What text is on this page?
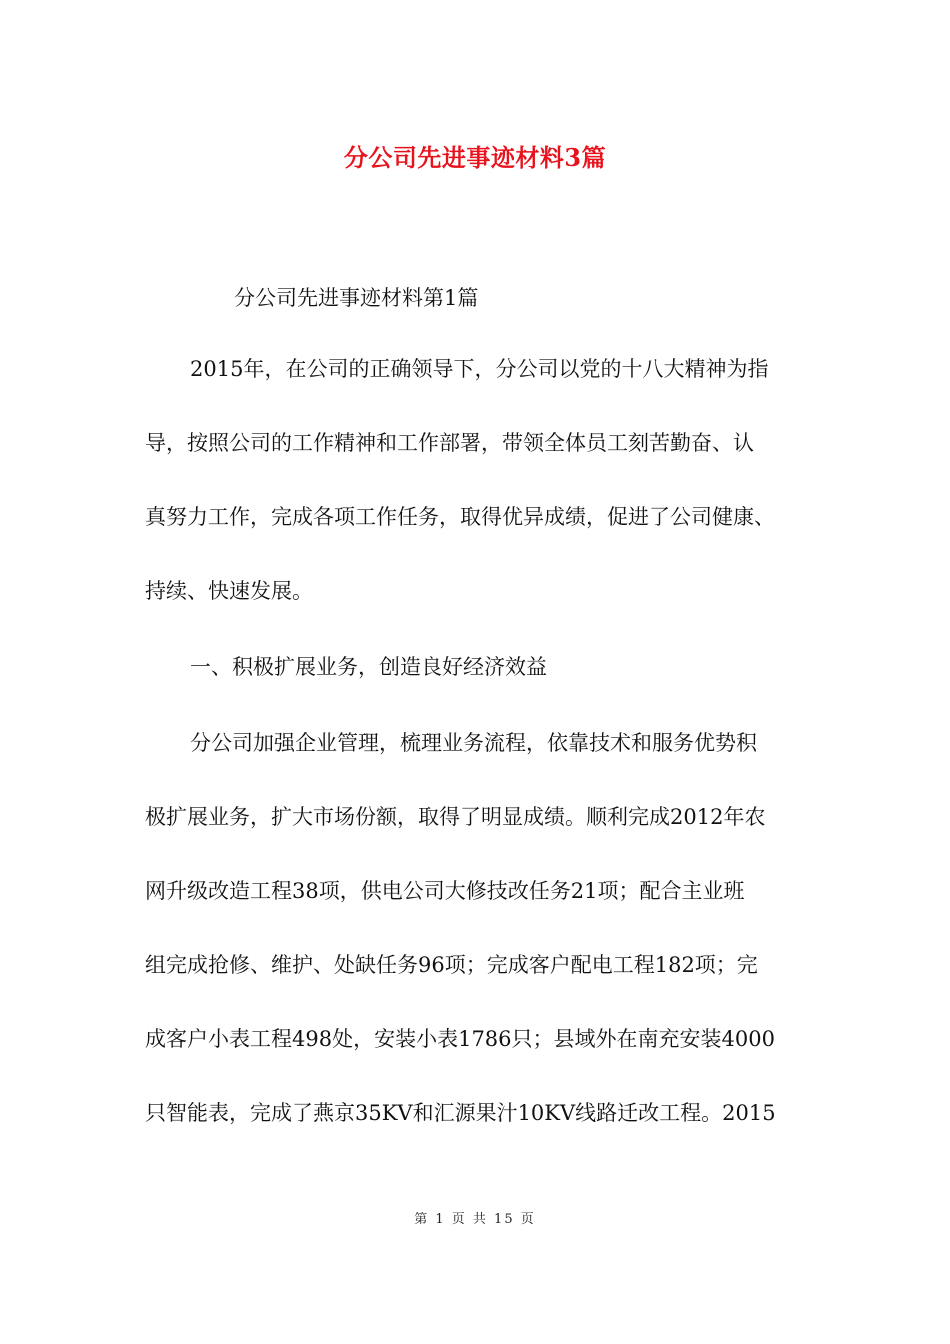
分公司先进事迹材料3篇
分公司先进事迹材料第1篇
2015年，在公司的正确领导下，分公司以党的十八大精神为指
导，按照公司的工作精神和工作部署，带领全体员工刻苦勤奋、认
真努力工作，完成各项工作任务，取得优异成绩，促进了公司健康、
持续、快速发展。
一、积极扩展业务，创造良好经济效益
分公司加强企业管理，梳理业务流程，依靠技术和服务优势积
极扩展业务，扩大市场份额，取得了明显成绩。顺利完成2012年农
网升级改造工程38项，供电公司大修技改任务21项；配合主业班
组完成抢修、维护、处缺任务96项；完成客户配电工程182项；完
成客户小表工程498处，安装小表1786只；县域外在南充安装4000
只智能表，完成了燕京35KV和汇源果汁10KV线路迁改工程。2015
第 1 页 共 15 页
